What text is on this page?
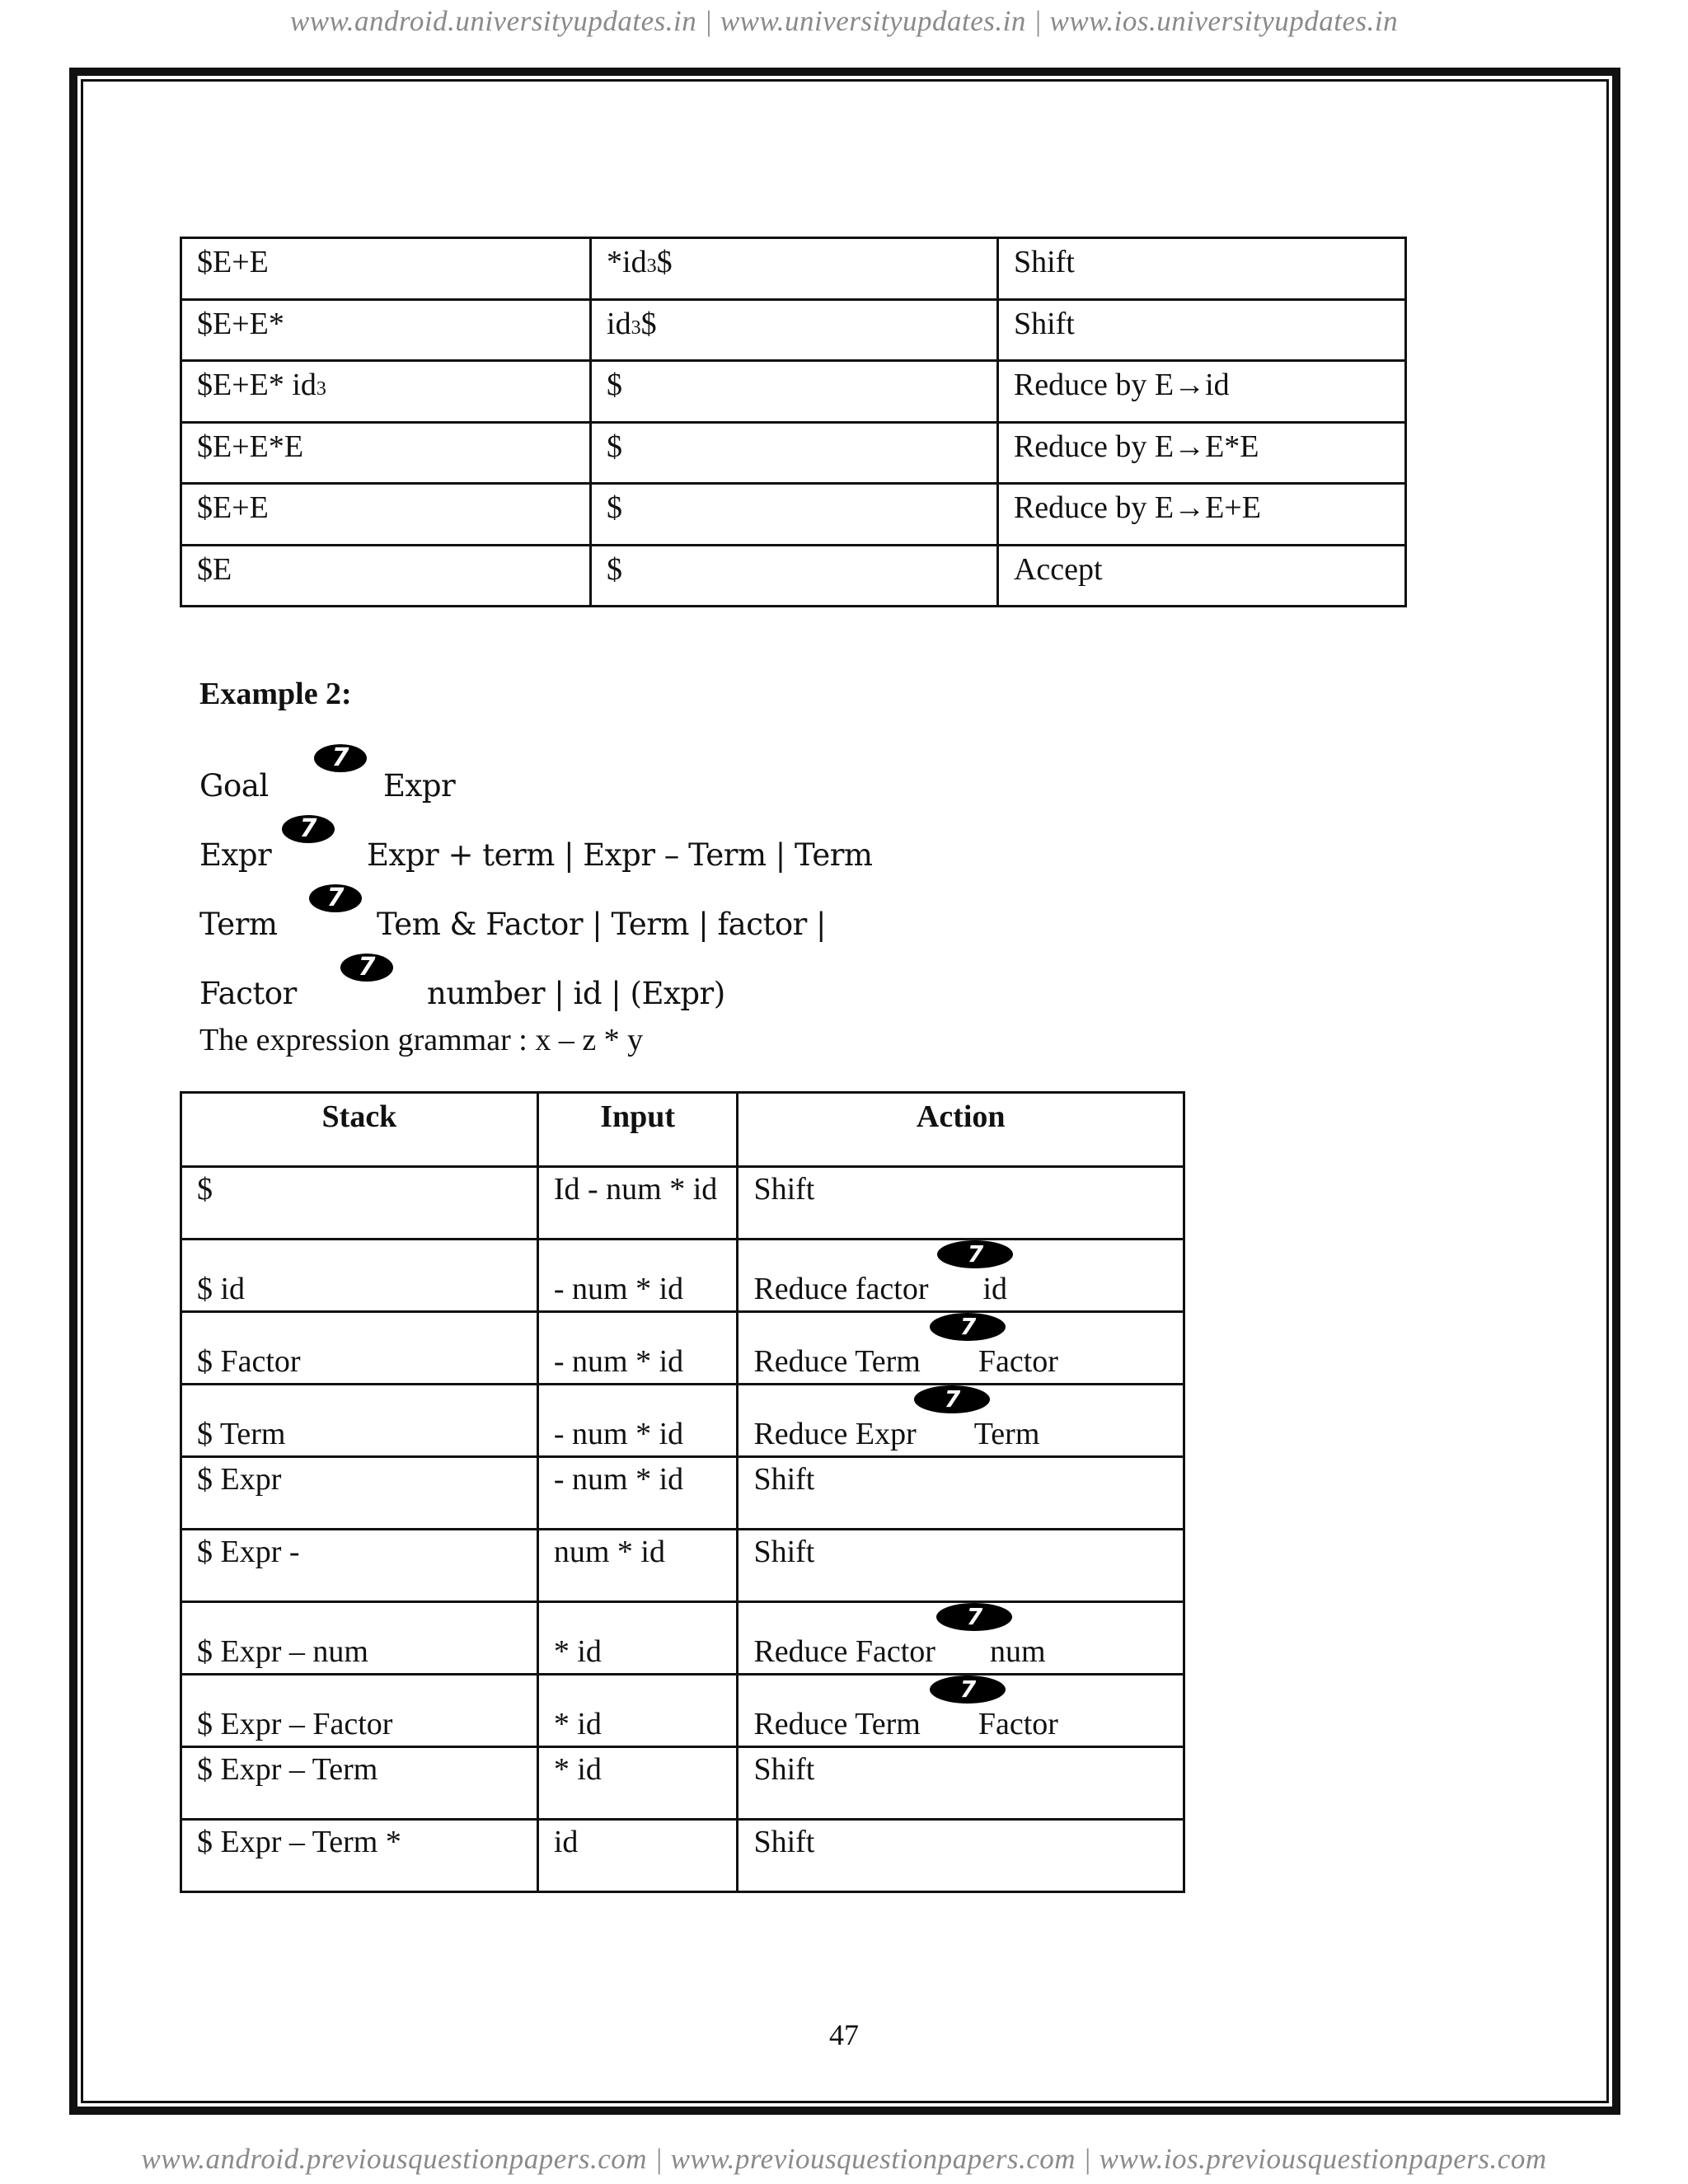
www.android.universityupdates.in | www.universityupdates.in | www.ios.universityupdates.in
$E+E	*id3$	Shift
$E+E*	id3$	Shift
$E+E* id3	$	Reduce by E→id
$E+E*E	$	Reduce by E→E*E
$E+E	$	Reduce by E→E+E
$E	$	Accept
Example 2:
Goal
7
Expr
Expr
7
Expr + term | Expr – Term | Term
Term
7
Tem & Factor | Term | factor |
Factor
7
number | id | (Expr)
The expression grammar : x – z * y
Stack	Input	Action
$	Id - num * id	Shift
$ id	- num * id	Reduce factor
7
id
$ Factor	- num * id	Reduce Term
7
Factor
$ Term	- num * id	Reduce Expr
7
Term
$ Expr	- num * id	Shift
$ Expr -	num * id	Shift
$ Expr – num	* id	Reduce Factor
7
num
$ Expr – Factor	* id	Reduce Term
7
Factor
$ Expr – Term	* id	Shift
$ Expr – Term *	id	Shift
47
www.android.previousquestionpapers.com | www.previousquestionpapers.com | www.ios.previousquestionpapers.com
